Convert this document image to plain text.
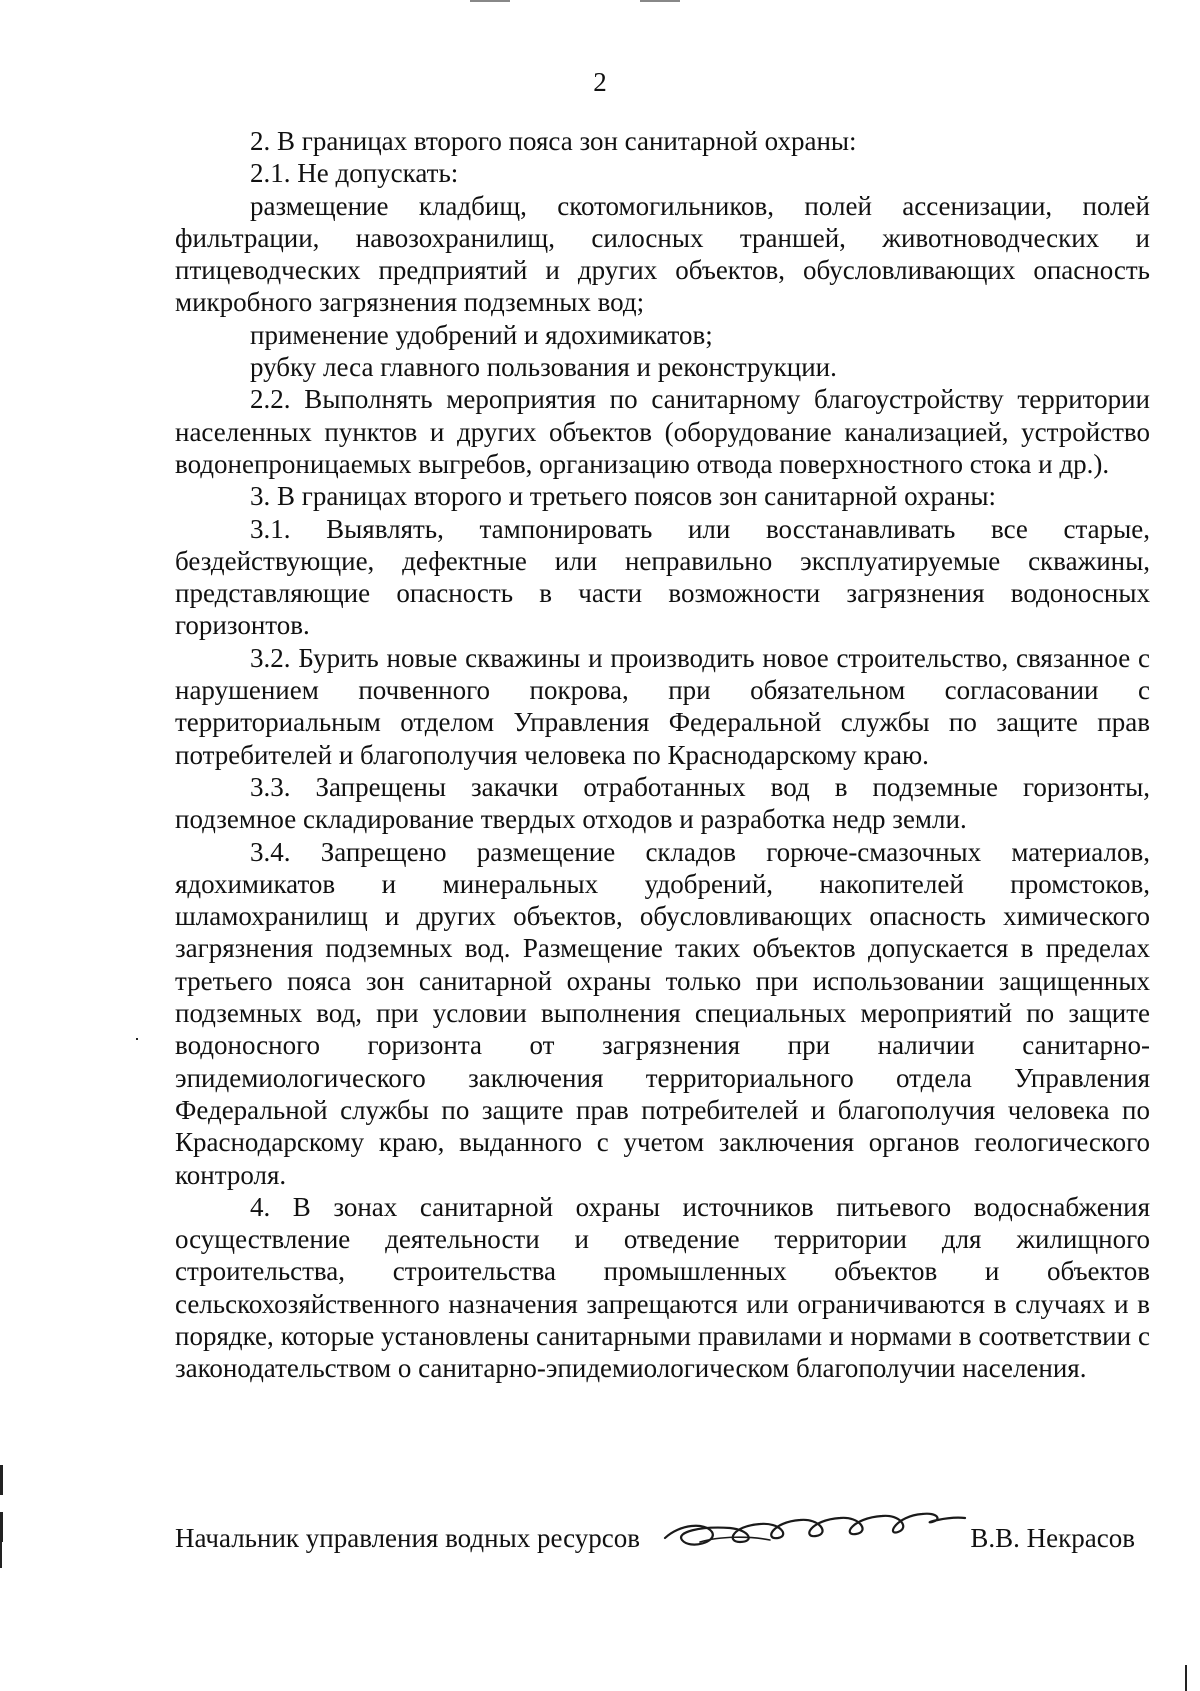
2

2. В границах второго пояса зон санитарной охраны:

2.1. Не допускать:

размещение кладбищ, скотомогильников, полей ассенизации, полей фильтрации, навозохранилищ, силосных траншей, животноводческих и птицеводческих предприятий и других объектов, обусловливающих опасность микробного загрязнения подземных вод;

применение удобрений и ядохимикатов;

рубку леса главного пользования и реконструкции.

2.2. Выполнять мероприятия по санитарному благоустройству территории населенных пунктов и других объектов (оборудование канализацией, устройство водонепроницаемых выгребов, организацию отвода поверхностного стока и др.).

3. В границах второго и третьего поясов зон санитарной охраны:

3.1. Выявлять, тампонировать или восстанавливать все старые, бездействующие, дефектные или неправильно эксплуатируемые скважины, представляющие опасность в части возможности загрязнения водоносных горизонтов.

3.2. Бурить новые скважины и производить новое строительство, связанное с нарушением почвенного покрова, при обязательном согласовании с территориальным отделом Управления Федеральной службы по защите прав потребителей и благополучия человека по Краснодарскому краю.

3.3. Запрещены закачки отработанных вод в подземные горизонты, подземное складирование твердых отходов и разработка недр земли.

3.4. Запрещено размещение складов горюче-смазочных материалов, ядохимикатов и минеральных удобрений, накопителей промстоков, шламохранилищ и других объектов, обусловливающих опасность химического загрязнения подземных вод. Размещение таких объектов допускается в пределах третьего пояса зон санитарной охраны только при использовании защищенных подземных вод, при условии выполнения специальных мероприятий по защите водоносного горизонта от загрязнения при наличии санитарно-эпидемиологического заключения территориального отдела Управления Федеральной службы по защите прав потребителей и благополучия человека по Краснодарскому краю, выданного с учетом заключения органов геологического контроля.

4. В зонах санитарной охраны источников питьевого водоснабжения осуществление деятельности и отведение территории для жилищного строительства, строительства промышленных объектов и объектов сельскохозяйственного назначения запрещаются или ограничиваются в случаях и в порядке, которые установлены санитарными правилами и нормами в соответствии с законодательством о санитарно-эпидемиологическом благополучии населения.

Начальник управления водных ресурсов	В.В. Некрасов
